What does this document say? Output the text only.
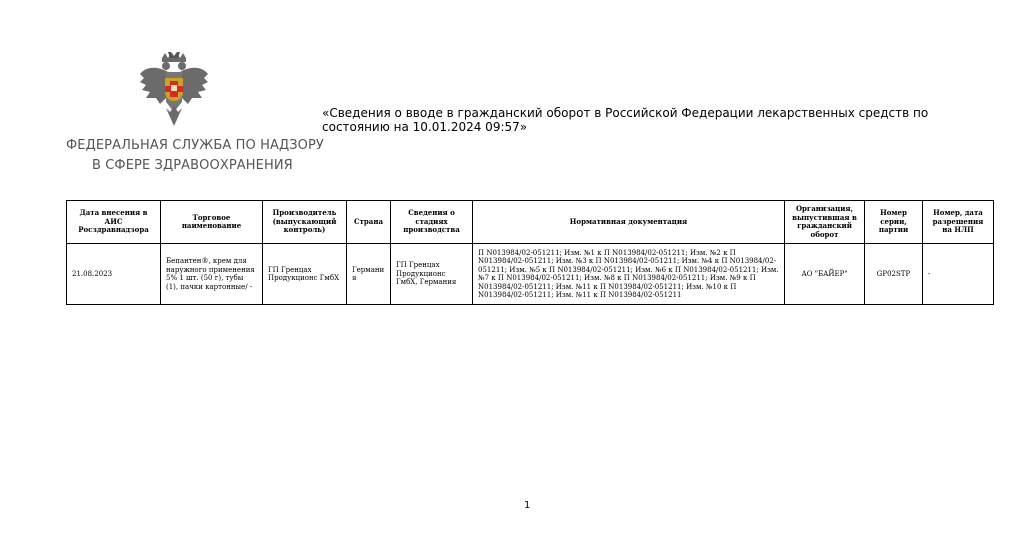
ФЕДЕРАЛЬНАЯ СЛУЖБА ПО НАДЗОРУ
В СФЕРЕ ЗДРАВООХРАНЕНИЯ
«Сведения о вводе в гражданский оборот в Российской Федерации лекарственных средств по состоянию на 10.01.2024 09:57»
Дата внесения в АИС Росздравнадзора	Торговое наименование	Производитель (выпускающий контроль)	Страна	Сведения о стадиях производства	Нормативная документация	Организация, выпустившая в гражданский оборот	Номер серии, партии	Номер, дата разрешения на НЛП
21.08.2023	Бепантен®, крем для наружного применения 5% 1 шт. (50 г), тубы (1), пачки картонные/ -	ГП Гренцах Продукционс ГмбХ	Германия	ГП Гренцах Продукционс ГмбХ, Германия	П N013984/02-051211; Изм. №1 к П N013984/02-051211; Изм. №2 к П N013984/02-051211; Изм. №3 к П N013984/02-051211; Изм. №4 к П N013984/02-051211; Изм. №5 к П N013984/02-051211; Изм. №6 к П N013984/02-051211; Изм. №7 к П N013984/02-051211; Изм. №8 к П N013984/02-051211; Изм. №9 к П N013984/02-051211; Изм. №11 к П N013984/02-051211; Изм. №10 к П N013984/02-051211; Изм. №11 к П N013984/02-051211	АО "БАЙЕР"	GP02STP	-
1
